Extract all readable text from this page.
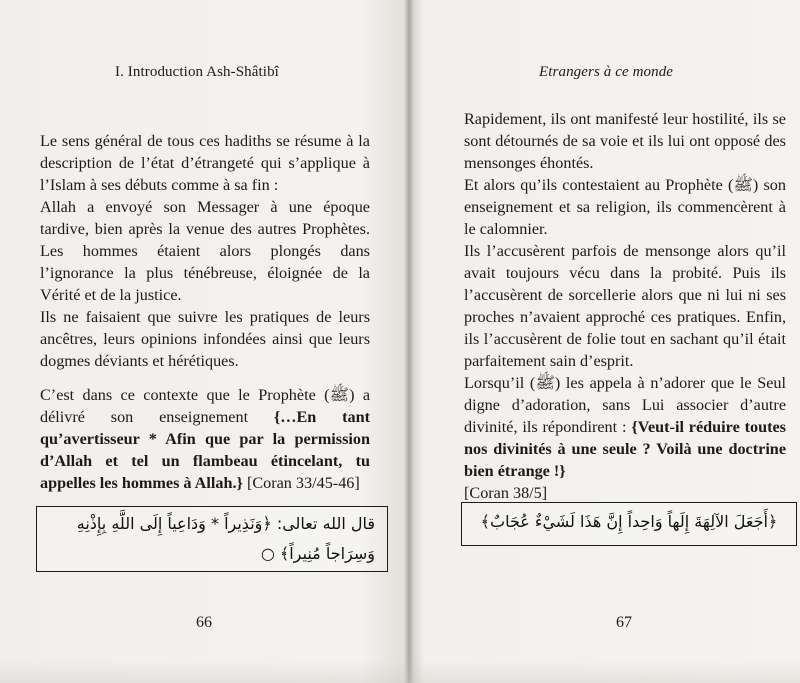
I. Introduction Ash-Shâtibî

Le sens général de tous ces hadiths se résume à la description de l’état d’étrangeté qui s’applique à l’Islam à ses débuts comme à sa fin :

Allah a envoyé son Messager à une époque tardive, bien après la venue des autres Prophètes. Les hommes étaient alors plongés dans l’ignorance la plus ténébreuse, éloignée de la Vérité et de la justice.

Ils ne faisaient que suivre les pratiques de leurs ancêtres, leurs opinions infondées ainsi que leurs dogmes déviants et hérétiques.

C’est dans ce contexte que le Prophète (ﷺ) a délivré son enseignement {…En tant qu’avertisseur * Afin que par la permission d’Allah et tel un flambeau étincelant, tu appelles les hommes à Allah.} [Coran 33/45-46]

قال الله تعالى: ﴿وَنَذِيراً * وَدَاعِياً إِلَى اللَّهِ بِإِذْنِهِ وَسِرَاجاً مُنِيراً﴾ ○
66
Etrangers à ce monde

Rapidement, ils ont manifesté leur hostilité, ils se sont détournés de sa voie et ils lui ont opposé des mensonges éhontés.

Et alors qu’ils contestaient au Prophète (ﷺ) son enseignement et sa religion, ils commencèrent à le calomnier.

Ils l’accusèrent parfois de mensonge alors qu’il avait toujours vécu dans la probité. Puis ils l’accusèrent de sorcellerie alors que ni lui ni ses proches n’avaient approché ces pratiques. Enfin, ils l’accusèrent de folie tout en sachant qu’il était parfaitement sain d’esprit.

Lorsqu’il (ﷺ) les appela à n’adorer que le Seul digne d’adoration, sans Lui associer d’autre divinité, ils répondirent : {Veut-il réduire toutes nos divinités à une seule ? Voilà une doctrine bien étrange !}

[Coran 38/5]

﴿أَجَعَلَ الآلِهَةَ إِلَهاً وَاحِداً إِنَّ هَذَا لَشَيْءٌ عُجَابٌ﴾
67
